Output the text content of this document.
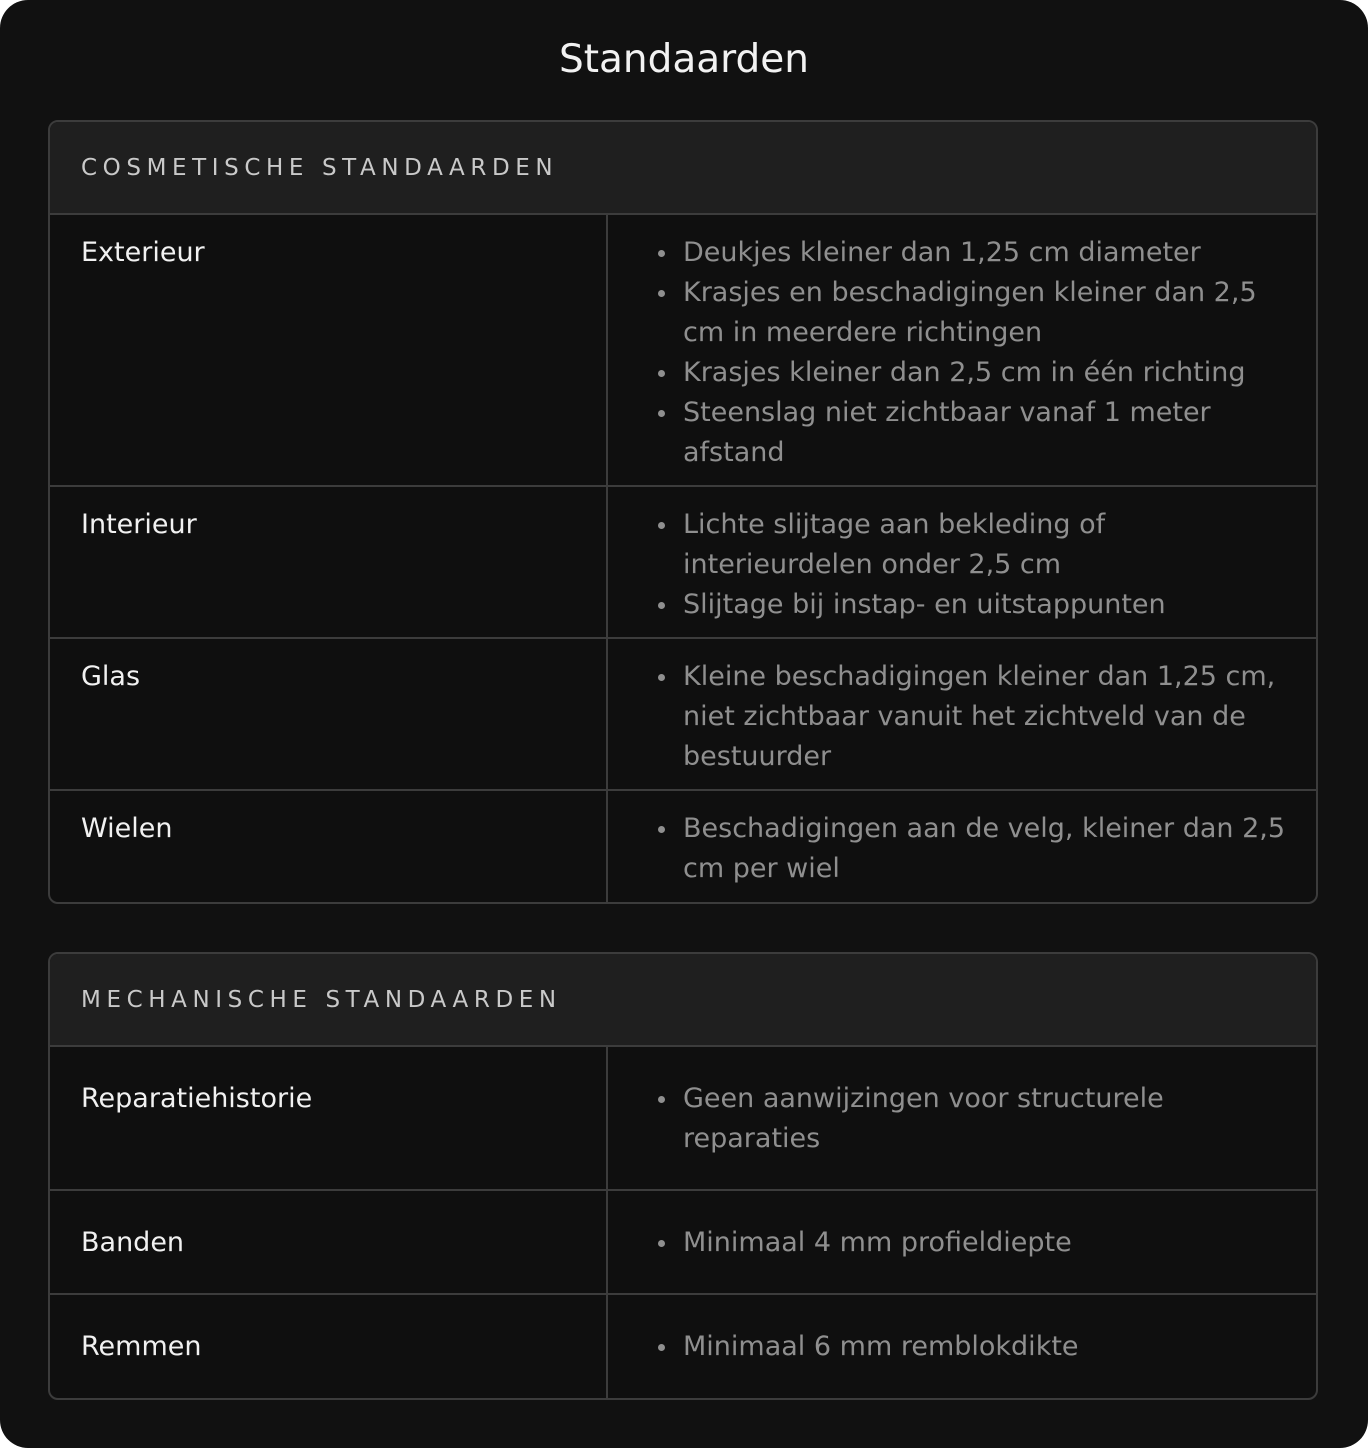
Standaarden
COSMETISCHE STANDAARDEN
Exterieur	Deukjes kleiner dan 1,25 cm diameter
Krasjes en beschadigingen kleiner dan 2,5 cm in meerdere richtingen
Krasjes kleiner dan 2,5 cm in één richting
Steenslag niet zichtbaar vanaf 1 meter afstand
Interieur	Lichte slijtage aan bekleding of interieurdelen onder 2,5 cm
Slijtage bij instap- en uitstappunten
Glas	Kleine beschadigingen kleiner dan 1,25 cm, niet zichtbaar vanuit het zichtveld van de bestuurder
Wielen	Beschadigingen aan de velg, kleiner dan 2,5 cm per wiel
MECHANISCHE STANDAARDEN
Reparatiehistorie	Geen aanwijzingen voor structurele reparaties
Banden	Minimaal 4 mm profieldiepte
Remmen	Minimaal 6 mm remblokdikte
